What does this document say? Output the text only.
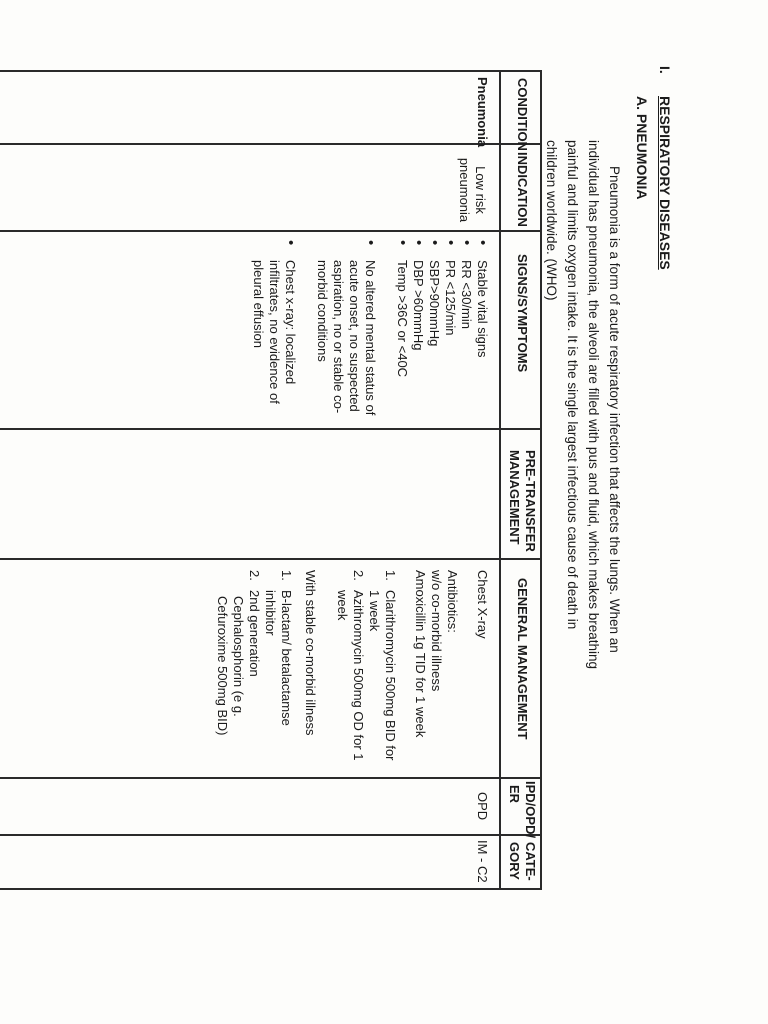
I.
RESPIRATORY DISEASES
A. PNEUMONIA
Pneumonia is a form of acute respiratory infection that affects the lungs. When an individual has pneumonia, the alveoli are filled with pus and fluid, which makes breathing painful and limits oxygen intake. It is the single largest infectious cause of death in children worldwide. (WHO)
CONDITION
INDICATION
SIGNS/SYMPTOMS
PRE-TRANSFER
MANAGEMENT
GENERAL MANAGEMENT
IPD/OPD/
ER
CATE-
GORY
Pneumonia
Low risk
pneumonia
• Stable vital signs
• RR <30/min
• PR <125/min
• SBP>90mmHg
• DBP >60mmHg
• Temp >36C or <40C
• No altered mental status of acute onset, no suspected aspiration, no or stable co-morbid conditions
• Chest x-ray: localized infiltrates, no evidence of pleural effusion
Chest X-ray
Antibiotics:
w/o co-morbid illness
Amoxicillin 1g TID for 1 week
1.
Clarithromycin 500mg BID for 1 week
2.
Azithromycin 500mg OD for 1 week
With stable co-morbid illness
1.
B-lactam/ betalactamse inhibitor
2.
2nd generation
Cephalosphorin (e g.
Cefuroxime 500mg BID)
OPD
IM - C2
